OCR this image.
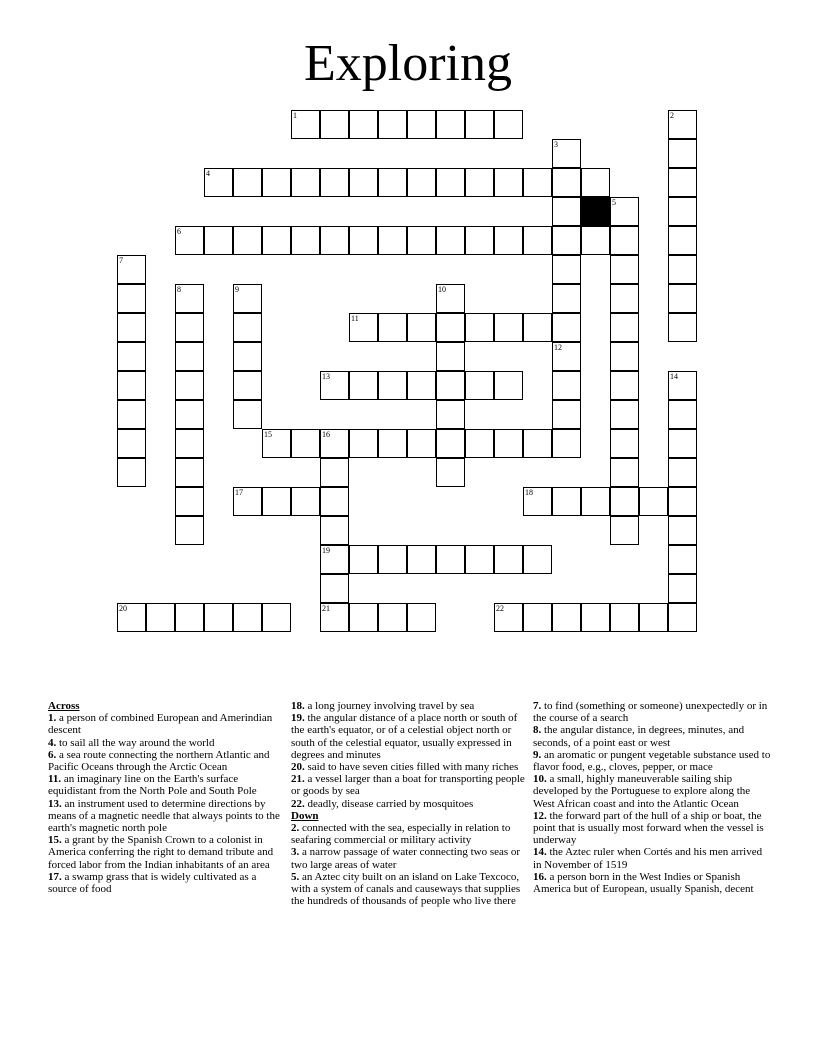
Exploring
1	2
3
4
5
6
7
8	9	10
11
12
13	14
15	16
19
21
17	18
20	22
Across
1. a person of combined European and Amerindian descent
4. to sail all the way around the world
6. a sea route connecting the northern Atlantic and Pacific Oceans through the Arctic Ocean
11. an imaginary line on the Earth's surface equidistant from the North Pole and South Pole
13. an instrument used to determine directions by means of a magnetic needle that always points to the earth's magnetic north pole
15. a grant by the Spanish Crown to a colonist in America conferring the right to demand tribute and forced labor from the Indian inhabitants of an area
17. a swamp grass that is widely cultivated as a source of food
18. a long journey involving travel by sea
19. the angular distance of a place north or south of the earth's equator, or of a celestial object north or south of the celestial equator, usually expressed in degrees and minutes
20. said to have seven cities filled with many riches
21. a vessel larger than a boat for transporting people or goods by sea
22. deadly, disease carried by mosquitoes
Down
2. connected with the sea, especially in relation to seafaring commercial or military activity
3. a narrow passage of water connecting two seas or two large areas of water
5. an Aztec city built on an island on Lake Texcoco, with a system of canals and causeways that supplies the hundreds of thousands of people who live there
7. to find (something or someone) unexpectedly or in the course of a search
8. the angular distance, in degrees, minutes, and seconds, of a point east or west
9. an aromatic or pungent vegetable substance used to flavor food, e.g., cloves, pepper, or mace
10. a small, highly maneuverable sailing ship developed by the Portuguese to explore along the West African coast and into the Atlantic Ocean
12. the forward part of the hull of a ship or boat, the point that is usually most forward when the vessel is underway
14. the Aztec ruler when Cortés and his men arrived in November of 1519
16. a person born in the West Indies or Spanish America but of European, usually Spanish, decent
